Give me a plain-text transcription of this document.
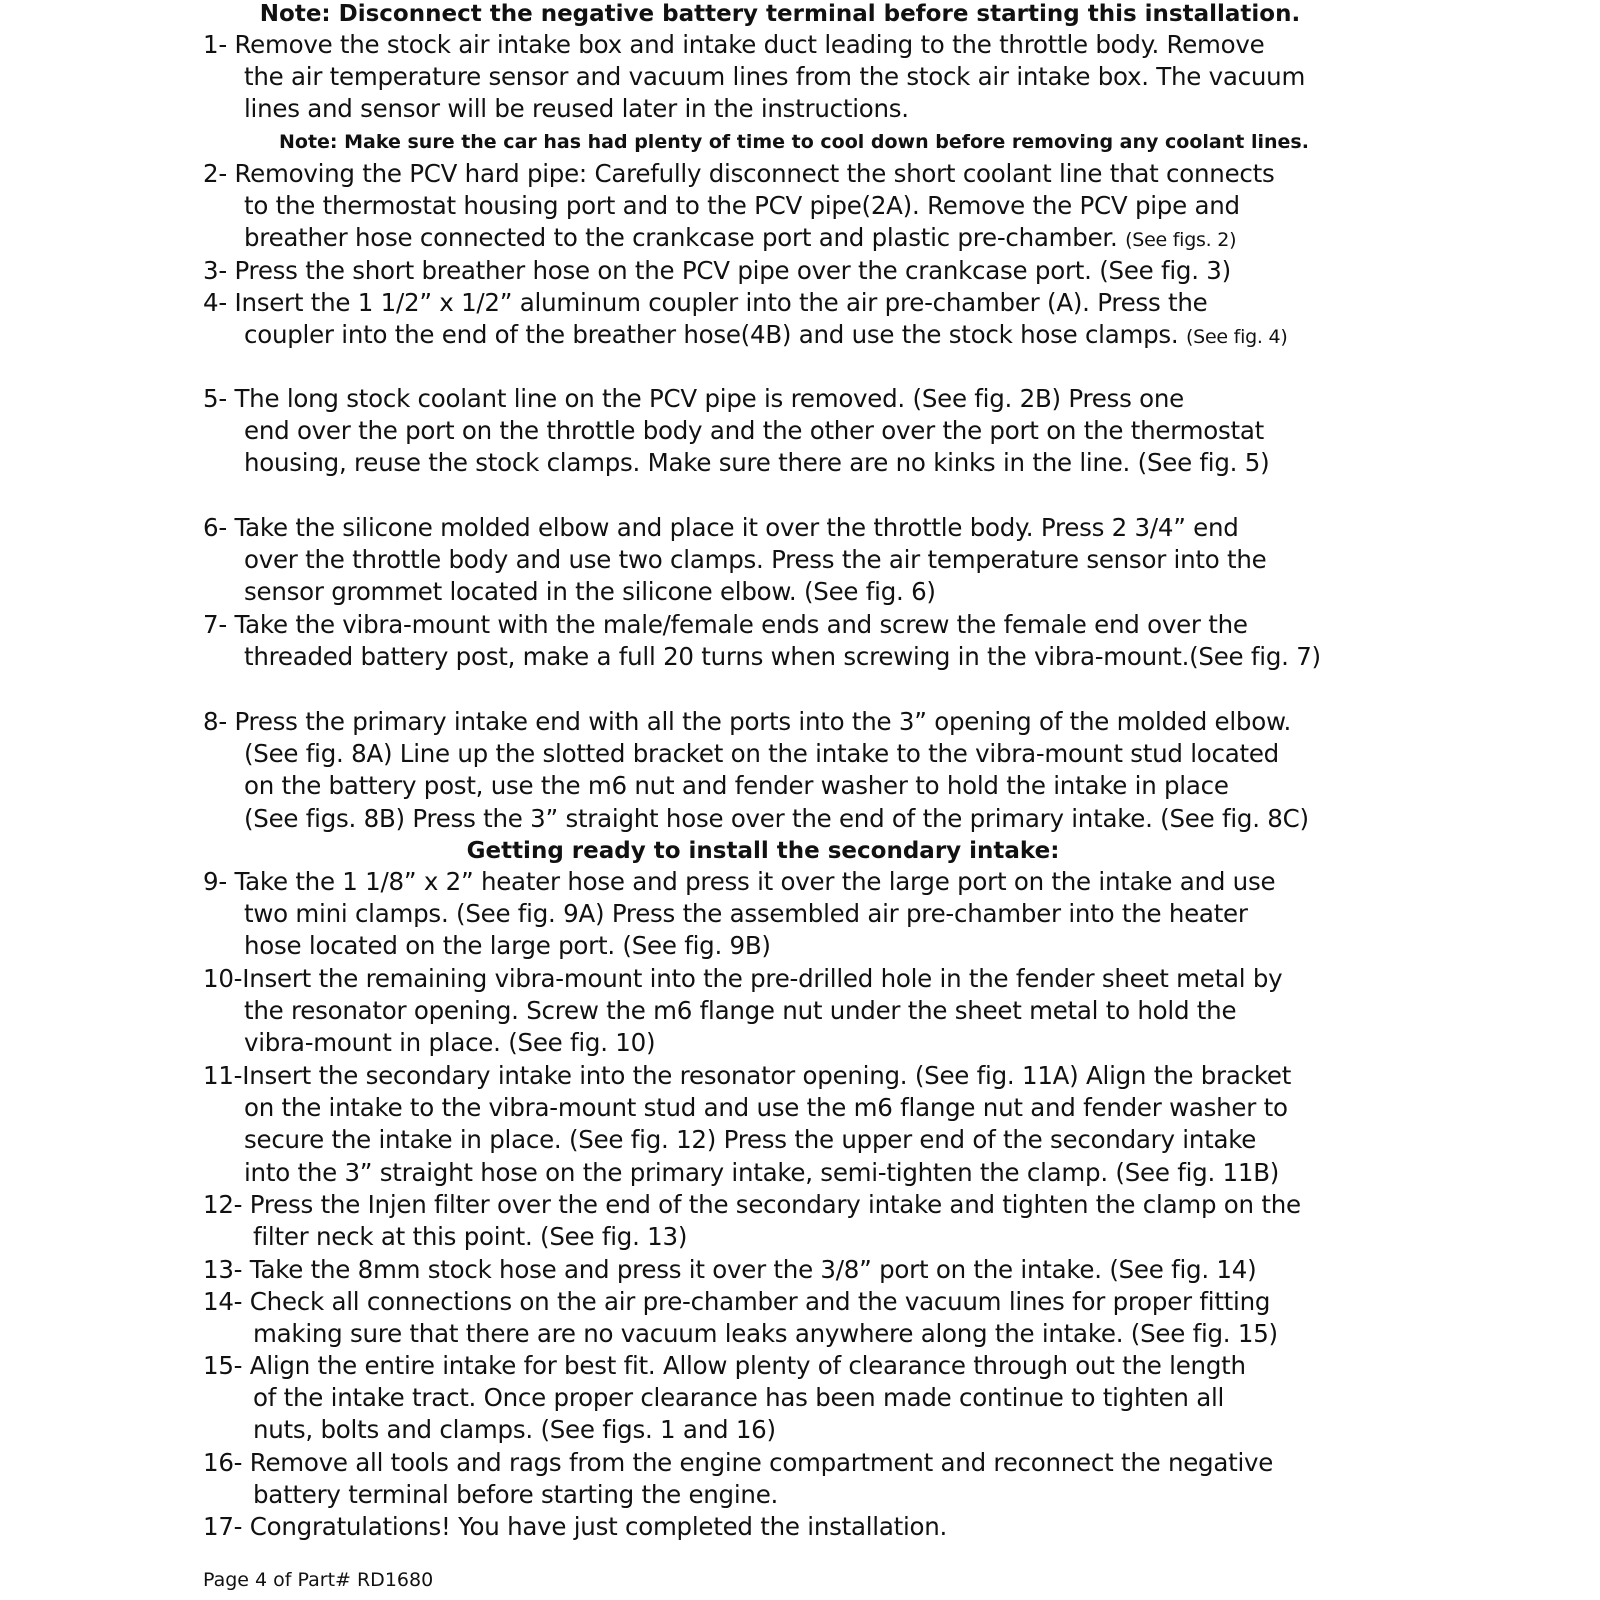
Note: Disconnect the negative battery terminal before starting this installation.
1- Remove the stock air intake box and intake duct leading to the throttle body. Remove
the air temperature sensor and vacuum lines from the stock air intake box. The vacuum
lines and sensor will be reused later in the instructions.
Note: Make sure the car has had plenty of time to cool down before removing any coolant lines.
2- Removing the PCV hard pipe: Carefully disconnect the short coolant line that connects
to the thermostat housing port and to the PCV pipe(2A). Remove the PCV pipe and
breather hose connected to the crankcase port and plastic pre-chamber. (See figs. 2)
3- Press the short breather hose on the PCV pipe over the crankcase port. (See fig. 3)
4- Insert the 1 1/2” x 1/2” aluminum coupler into the air pre-chamber (A). Press the
coupler into the end of the breather hose(4B) and use the stock hose clamps. (See fig. 4)
5- The long stock coolant line on the PCV pipe is removed. (See fig. 2B) Press one
end over the port on the throttle body and the other over the port on the thermostat
housing, reuse the stock clamps. Make sure there are no kinks in the line. (See fig. 5)
6- Take the silicone molded elbow and place it over the throttle body. Press 2 3/4” end
over the throttle body and use two clamps. Press the air temperature sensor into the
sensor grommet located in the silicone elbow. (See fig. 6)
7- Take the vibra-mount with the male/female ends and screw the female end over the
threaded battery post, make a full 20 turns when screwing in the vibra-mount.(See fig. 7)
8- Press the primary intake end with all the ports into the 3” opening of the molded elbow.
(See fig. 8A) Line up the slotted bracket on the intake to the vibra-mount stud located
on the battery post, use the m6 nut and fender washer to hold the intake in place
(See figs. 8B) Press the 3” straight hose over the end of the primary intake. (See fig. 8C)
Getting ready to install the secondary intake:
9- Take the 1 1/8” x 2” heater hose and press it over the large port on the intake and use
two mini clamps. (See fig. 9A) Press the assembled air pre-chamber into the heater
hose located on the large port. (See fig. 9B)
10-Insert the remaining vibra-mount into the pre-drilled hole in the fender sheet metal by
the resonator opening. Screw the m6 flange nut under the sheet metal to hold the
vibra-mount in place. (See fig. 10)
11-Insert the secondary intake into the resonator opening. (See fig. 11A) Align the bracket
on the intake to the vibra-mount stud and use the m6 flange nut and fender washer to
secure the intake in place. (See fig. 12) Press the upper end of the secondary intake
into the 3” straight hose on the primary intake, semi-tighten the clamp. (See fig. 11B)
12- Press the Injen filter over the end of the secondary intake and tighten the clamp on the
filter neck at this point. (See fig. 13)
13- Take the 8mm stock hose and press it over the 3/8” port on the intake. (See fig. 14)
14- Check all connections on the air pre-chamber and the vacuum lines for proper fitting
making sure that there are no vacuum leaks anywhere along the intake. (See fig. 15)
15- Align the entire intake for best fit. Allow plenty of clearance through out the length
of the intake tract. Once proper clearance has been made continue to tighten all
nuts, bolts and clamps. (See figs. 1 and 16)
16- Remove all tools and rags from the engine compartment and reconnect the negative
battery terminal before starting the engine.
17- Congratulations! You have just completed the installation.
Page 4 of Part# RD1680
